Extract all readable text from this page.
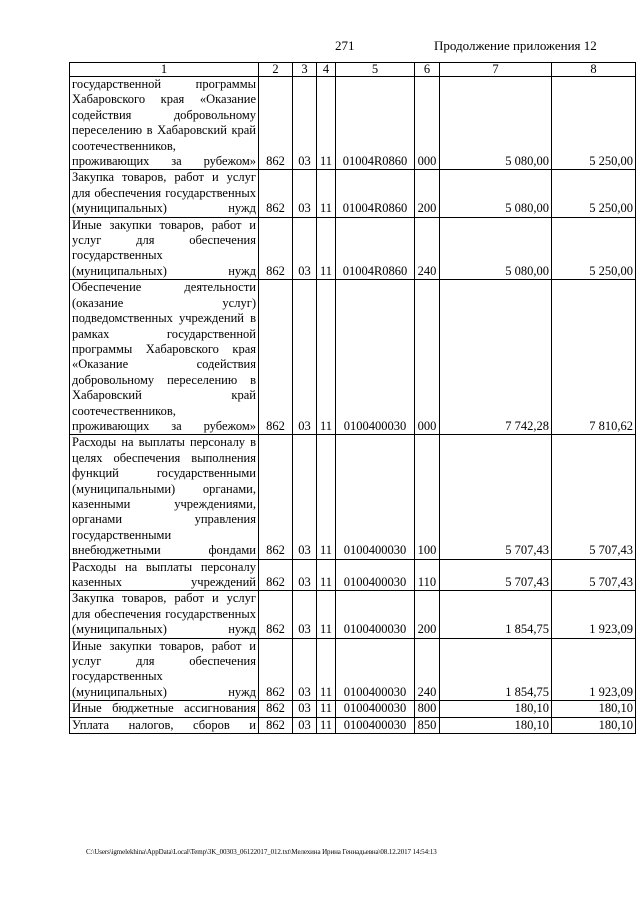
271	Продолжение приложения 12
1	2	3	4	5	6	7	8
государственной программы Хабаровского края «Оказание содействия добровольному переселению в Хабаровский край соотечественников, проживающих за рубежом»	862	03	11	01004R0860	000	5 080,00	5 250,00
Закупка товаров, работ и услуг для обеспечения государственных (муниципальных) нужд	862	03	11	01004R0860	200	5 080,00	5 250,00
Иные закупки товаров, работ и услуг для обеспечения государственных (муниципальных) нужд	862	03	11	01004R0860	240	5 080,00	5 250,00
Обеспечение деятельности (оказание услуг) подведомственных учреждений в рамках государственной программы Хабаровского края «Оказание содействия добровольному переселению в Хабаровский край соотечественников, проживающих за рубежом»	862	03	11	0100400030	000	7 742,28	7 810,62
Расходы на выплаты персоналу в целях обеспечения выполнения функций государственными (муниципальными) органами, казенными учреждениями, органами управления государственными внебюджетными фондами	862	03	11	0100400030	100	5 707,43	5 707,43
Расходы на выплаты персоналу казенных учреждений	862	03	11	0100400030	110	5 707,43	5 707,43
Закупка товаров, работ и услуг для обеспечения государственных (муниципальных) нужд	862	03	11	0100400030	200	1 854,75	1 923,09
Иные закупки товаров, работ и услуг для обеспечения государственных (муниципальных) нужд	862	03	11	0100400030	240	1 854,75	1 923,09
Иные бюджетные ассигнования	862	03	11	0100400030	800	180,10	180,10
Уплата налогов, сборов и	862	03	11	0100400030	850	180,10	180,10
C:\Users\igmelekhina\AppData\Local\Temp\3K_00303_06122017_012.txt\Мелехина Ирина Геннадьевна\08.12.2017 14:54:13
